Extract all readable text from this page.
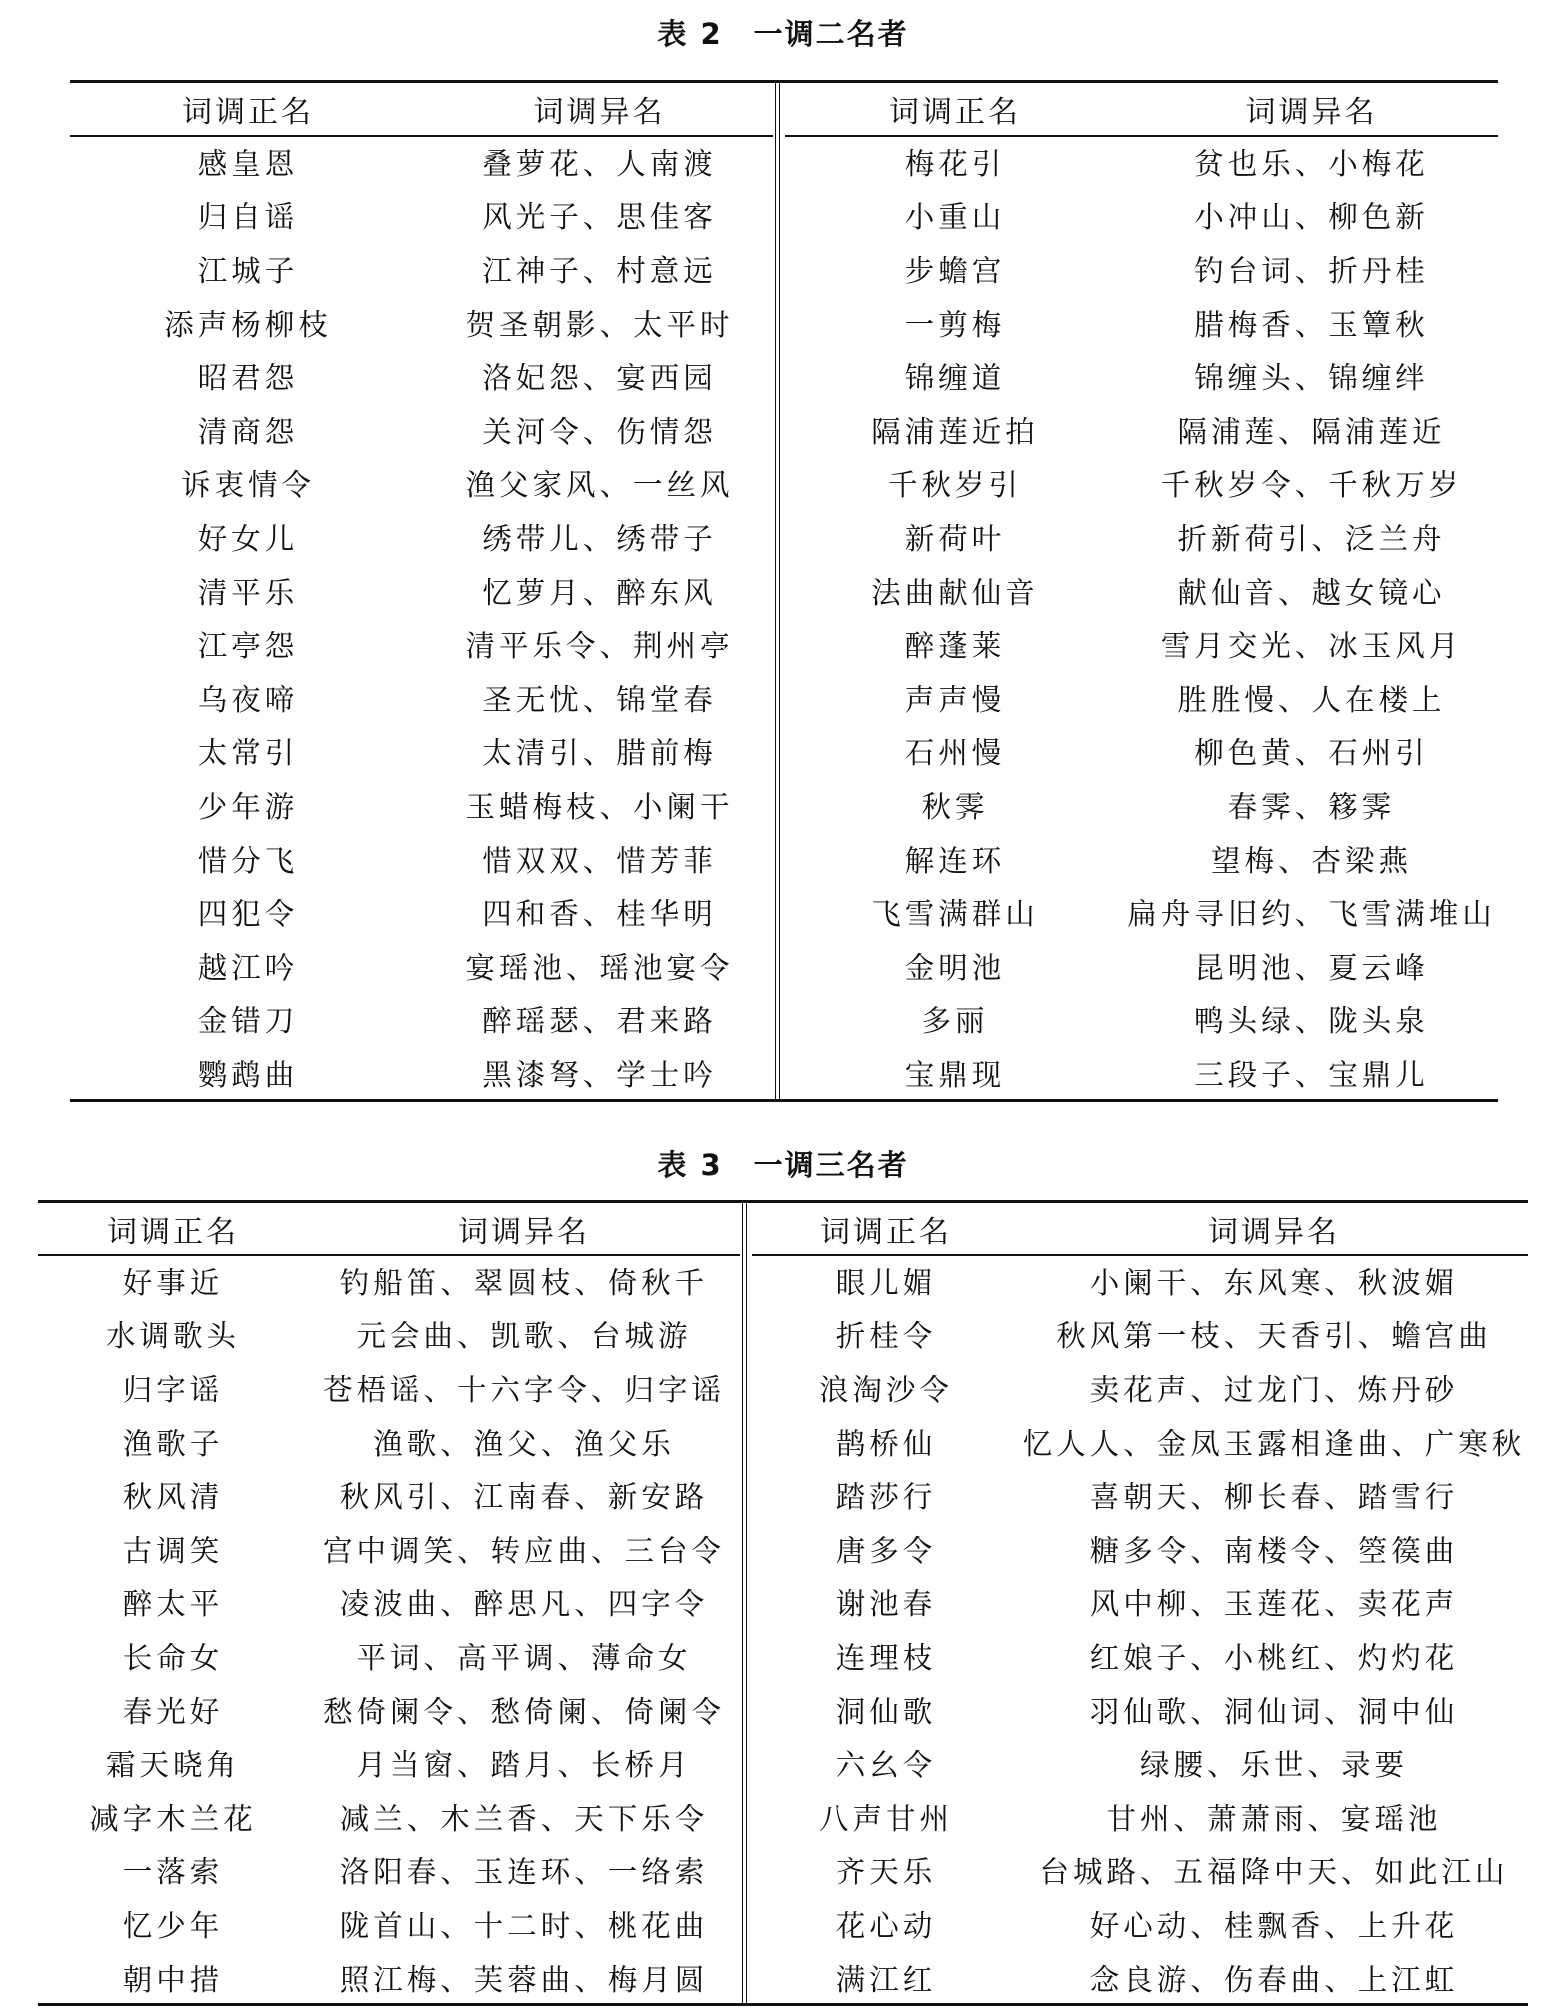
表 2　一调二名者
词调正名	词调异名
感皇恩	叠萝花、人南渡
归自谣	风光子、思佳客
江城子	江神子、村意远
添声杨柳枝	贺圣朝影、太平时
昭君怨	洛妃怨、宴西园
清商怨	关河令、伤情怨
诉衷情令	渔父家风、一丝风
好女儿	绣带儿、绣带子
清平乐	忆萝月、醉东风
江亭怨	清平乐令、荆州亭
乌夜啼	圣无忧、锦堂春
太常引	太清引、腊前梅
少年游	玉蜡梅枝、小阑干
惜分飞	惜双双、惜芳菲
四犯令	四和香、桂华明
越江吟	宴瑶池、瑶池宴令
金错刀	醉瑶瑟、君来路
鹦鹉曲	黑漆弩、学士吟
词调正名	词调异名
梅花引	贫也乐、小梅花
小重山	小冲山、柳色新
步蟾宫	钓台词、折丹桂
一剪梅	腊梅香、玉簟秋
锦缠道	锦缠头、锦缠绊
隔浦莲近拍	隔浦莲、隔浦莲近
千秋岁引	千秋岁令、千秋万岁
新荷叶	折新荷引、泛兰舟
法曲献仙音	献仙音、越女镜心
醉蓬莱	雪月交光、冰玉风月
声声慢	胜胜慢、人在楼上
石州慢	柳色黄、石州引
秋霁	春霁、簃霁
解连环	望梅、杏梁燕
飞雪满群山	扁舟寻旧约、飞雪满堆山
金明池	昆明池、夏云峰
多丽	鸭头绿、陇头泉
宝鼎现	三段子、宝鼎儿
表 3　一调三名者
词调正名	词调异名
好事近	钓船笛、翠圆枝、倚秋千
水调歌头	元会曲、凯歌、台城游
归字谣	苍梧谣、十六字令、归字谣
渔歌子	渔歌、渔父、渔父乐
秋风清	秋风引、江南春、新安路
古调笑	宫中调笑、转应曲、三台令
醉太平	凌波曲、醉思凡、四字令
长命女	平词、高平调、薄命女
春光好	愁倚阑令、愁倚阑、倚阑令
霜天晓角	月当窗、踏月、长桥月
减字木兰花	减兰、木兰香、天下乐令
一落索	洛阳春、玉连环、一络索
忆少年	陇首山、十二时、桃花曲
朝中措	照江梅、芙蓉曲、梅月圆
词调正名	词调异名
眼儿媚	小阑干、东风寒、秋波媚
折桂令	秋风第一枝、天香引、蟾宫曲
浪淘沙令	卖花声、过龙门、炼丹砂
鹊桥仙	忆人人、金凤玉露相逢曲、广寒秋
踏莎行	喜朝天、柳长春、踏雪行
唐多令	糖多令、南楼令、箜篌曲
谢池春	风中柳、玉莲花、卖花声
连理枝	红娘子、小桃红、灼灼花
洞仙歌	羽仙歌、洞仙词、洞中仙
六幺令	绿腰、乐世、录要
八声甘州	甘州、萧萧雨、宴瑶池
齐天乐	台城路、五福降中天、如此江山
花心动	好心动、桂飘香、上升花
满江红	念良游、伤春曲、上江虹
